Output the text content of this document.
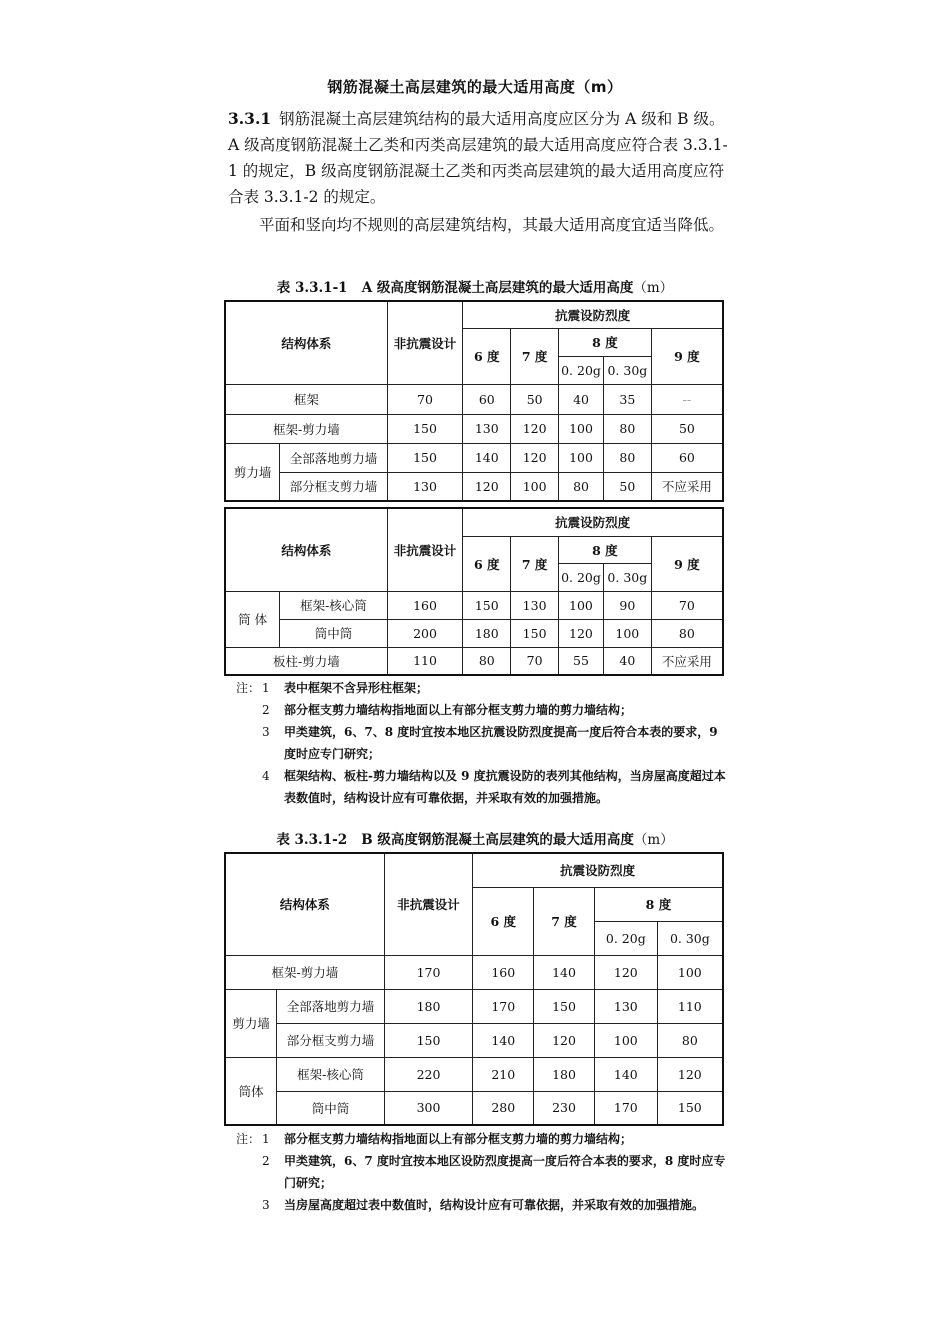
钢筋混凝土高层建筑的最大适用高度（m）

3.3.1 钢筋混凝土高层建筑结构的最大适用高度应区分为 A 级和 B 级。A 级高度钢筋混凝土乙类和丙类高层建筑的最大适用高度应符合表 3.3.1-1 的规定，B 级高度钢筋混凝土乙类和丙类高层建筑的最大适用高度应符合表 3.3.1-2 的规定。

平面和竖向均不规则的高层建筑结构，其最大适用高度宜适当降低。

表 3.3.1-1 A 级高度钢筋混凝土高层建筑的最大适用高度（m）
结构体系		非抗震设计	抗震设防烈度				
			6 度	7 度	8 度		9 度
					0. 20g	0. 30g	
框架		70	60	50	40	35	--
框架-剪力墙		150	130	120	100	80	50
剪力墙	全部落地剪力墙	150	140	120	100	80	60
	部分框支剪力墙	130	120	100	80	50	不应采用
结构体系		非抗震设计	抗震设防烈度				
			6 度	7 度	8 度		9 度
					0. 20g	0. 30g	
筒 体	框架-核心筒	160	150	130	100	90	70
	筒中筒	200	180	150	120	100	80
板柱-剪力墙		110	80	70	55	40	不应采用
注： 1	表中框架不含异形柱框架；
2	部分框支剪力墙结构指地面以上有部分框支剪力墙的剪力墙结构；
3	甲类建筑，6、7、8 度时宜按本地区抗震设防烈度提高一度后符合本表的要求，9 度时应专门研究；
4	框架结构、板柱-剪力墙结构以及 9 度抗震设防的表列其他结构，当房屋高度超过本表数值时，结构设计应有可靠依据，并采取有效的加强措施。
表 3.3.1-2 B 级高度钢筋混凝土高层建筑的最大适用高度（m）
结构体系		非抗震设计	抗震设防烈度			
			6 度	7 度	8 度	
					0. 20g	0. 30g
框架-剪力墙		170	160	140	120	100
剪力墙	全部落地剪力墙	180	170	150	130	110
	部分框支剪力墙	150	140	120	100	80
筒体	框架-核心筒	220	210	180	140	120
	筒中筒	300	280	230	170	150
注： 1	部分框支剪力墙结构指地面以上有部分框支剪力墙的剪力墙结构；
2	甲类建筑，6、7 度时宜按本地区设防烈度提高一度后符合本表的要求，8 度时应专门研究；
3	当房屋高度超过表中数值时，结构设计应有可靠依据，并采取有效的加强措施。
